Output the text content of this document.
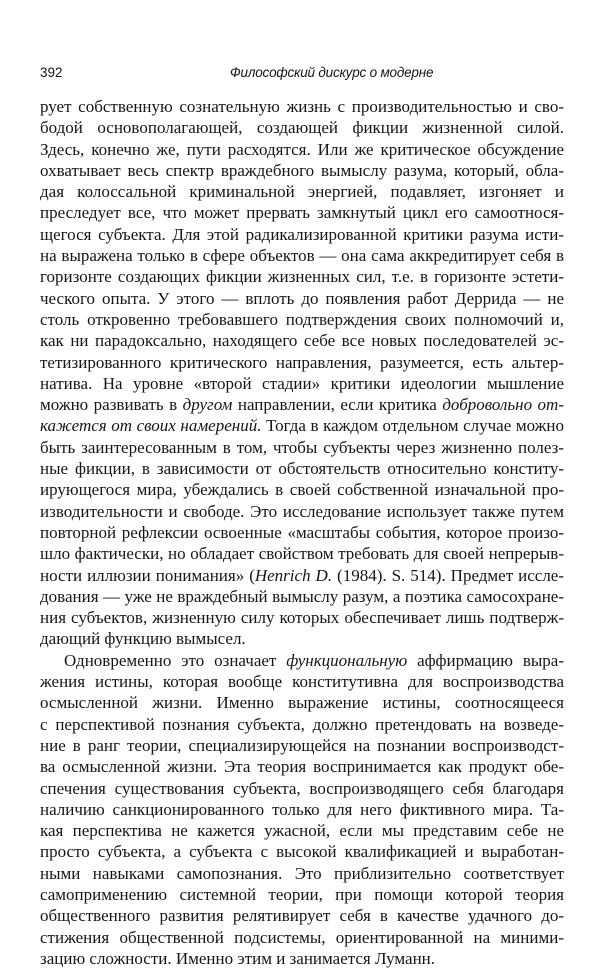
392	Философский дискурс о модерне
рует собственную сознательную жизнь с производительностью и сво-
бодой основополагающей, создающей фикции жизненной силой.
Здесь, конечно же, пути расходятся. Или же критическое обсуждение
охватывает весь спектр враждебного вымыслу разума, который, обла-
дая колоссальной криминальной энергией, подавляет, изгоняет и
преследует все, что может прервать замкнутый цикл его самоотнося-
щегося субъекта. Для этой радикализированной критики разума исти-
на выражена только в сфере объектов — она сама аккредитирует себя в
горизонте создающих фикции жизненных сил, т.е. в горизонте эстети-
ческого опыта. У этого — вплоть до появления работ Деррида — не
столь откровенно требовавшего подтверждения своих полномочий и,
как ни парадоксально, находящего себе все новых последователей эс-
тетизированного критического направления, разумеется, есть альтер-
натива. На уровне «второй стадии» критики идеологии мышление
можно развивать в другом направлении, если критика добровольно от-
кажется от своих намерений. Тогда в каждом отдельном случае можно
быть заинтересованным в том, чтобы субъекты через жизненно полез-
ные фикции, в зависимости от обстоятельств относительно конститу-
ирующегося мира, убеждались в своей собственной изначальной про-
изводительности и свободе. Это исследование использует также путем
повторной рефлексии освоенные «масштабы события, которое произо-
шло фактически, но обладает свойством требовать для своей непрерыв-
ности иллюзии понимания» (Henrich D. (1984). S. 514). Предмет иссле-
дования — уже не враждебный вымыслу разум, а поэтика самосохране-
ния субъектов, жизненную силу которых обеспечивает лишь подтверж-
дающий функцию вымысел.
Одновременно это означает функциональную аффирмацию выра-
жения истины, которая вообще конститутивна для воспроизводства
осмысленной жизни. Именно выражение истины, соотносящееся
с перспективой познания субъекта, должно претендовать на возведе-
ние в ранг теории, специализирующейся на познании воспроизводст-
ва осмысленной жизни. Эта теория воспринимается как продукт обе-
спечения существования субъекта, воспроизводящего себя благодаря
наличию санкционированного только для него фиктивного мира. Та-
кая перспектива не кажется ужасной, если мы представим себе не
просто субъекта, а субъекта с высокой квалификацией и выработан-
ными навыками самопознания. Это приблизительно соответствует
самоприменению системной теории, при помощи которой теория
общественного развития релятивирует себя в качестве удачного до-
стижения общественной подсистемы, ориентированной на миними-
зацию сложности. Именно этим и занимается Луманн.
